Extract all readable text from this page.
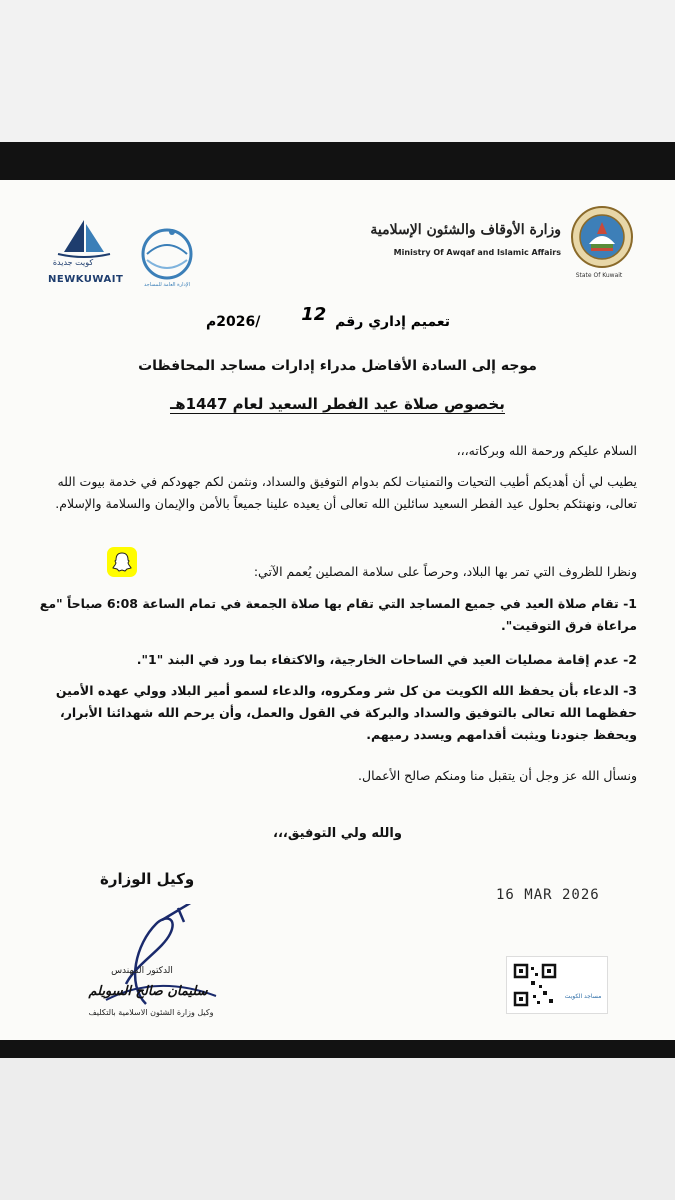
State Of Kuwait
وزارة الأوقاف والشئون الإسلامية
Ministry Of Awqaf and Islamic Affairs
كويت جديدة
NEWKUWAIT	الإدارة العامة للمساجد
تعميم إداري رقم 12 /2026م
موجه إلى السادة الأفاضل مدراء إدارات مساجد المحافظات
بخصوص صلاة عيد الفطر السعيد لعام 1447هـ
السلام عليكم ورحمة الله وبركاته،،،
يطيب لي أن أهديكم أطيب التحيات والتمنيات لكم بدوام التوفيق والسداد، ونثمن لكم جهودكم في خدمة بيوت الله تعالى، ونهنئكم بحلول عيد الفطر السعيد سائلين الله تعالى أن يعيده علينا جميعاً بالأمن والإيمان والسلامة والإسلام.
ونظرا للظروف التي تمر بها البلاد، وحرصاً على سلامة المصلين يُعمم الآتي:
1- تقام صلاة العيد في جميع المساجد التي تقام بها صلاة الجمعة في تمام الساعة 6:08 صباحاً "مع مراعاة فرق التوقيت".
2- عدم إقامة مصليات العيد في الساحات الخارجية، والاكتفاء بما ورد في البند "1".
3- الدعاء بأن يحفظ الله الكويت من كل شر ومكروه، والدعاء لسمو أمير البلاد وولي عهده الأمين حفظهما الله تعالى بالتوفيق والسداد والبركة في القول والعمل، وأن يرحم الله شهدائنا الأبرار، ويحفظ جنودنا ويثبت أقدامهم ويسدد رميهم.
ونسأل الله عز وجل أن يتقبل منا ومنكم صالح الأعمال.
والله ولي التوفيق،،،
وكيل الوزارة
16 MAR 2026
الدكتور المهندس
سليمان صالح السويلم
وكيل وزارة الشئون الاسلامية بالتكليف
مساجد الكويت
